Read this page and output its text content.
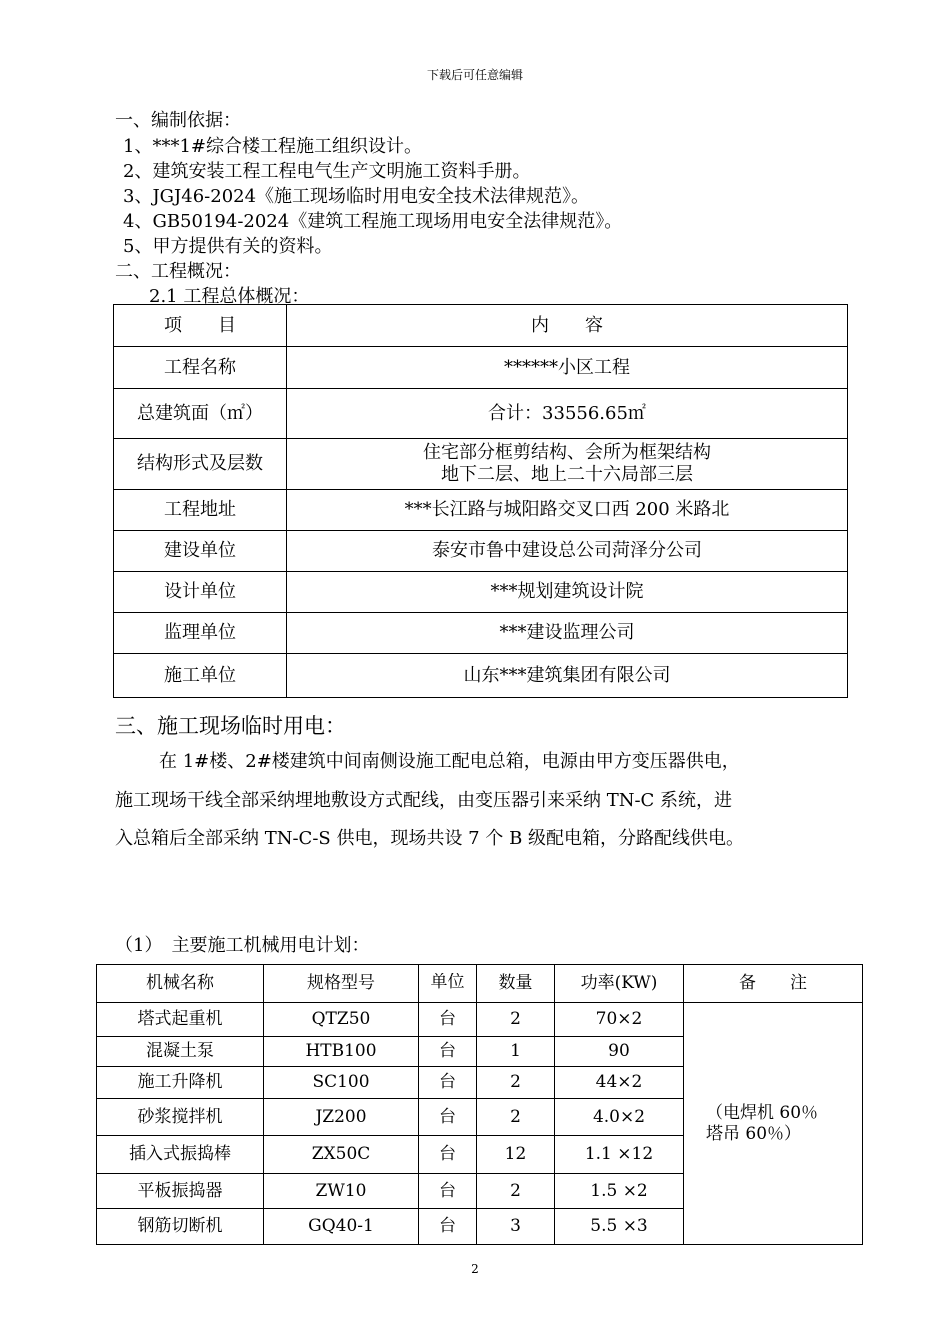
下载后可任意编辑
一、编制依据：
1、***1#综合楼工程施工组织设计。
2、建筑安装工程工程电气生产文明施工资料手册。
3、JGJ46-2024《施工现场临时用电安全技术法律规范》。
4、GB50194-2024《建筑工程施工现场用电安全法律规范》。
5、甲方提供有关的资料。
二、工程概况：
2.1 工程总体概况：
项　　目	内　　容
工程名称	******小区工程
总建筑面（㎡）	合计：33556.65㎡
结构形式及层数	住宅部分框剪结构、会所为框架结构
地下二层、地上二十六局部三层

工程地址	***长江路与城阳路交叉口西 200 米路北
建设单位	泰安市鲁中建设总公司菏泽分公司
设计单位	***规划建筑设计院
监理单位	***建设监理公司
施工单位	山东***建筑集团有限公司
三、施工现场临时用电：
在 1#楼、2#楼建筑中间南侧设施工配电总箱，电源由甲方变压器供电，
施工现场干线全部采纳埋地敷设方式配线，由变压器引来采纳 TN-C 系统，进
入总箱后全部采纳 TN-C-S 供电，现场共设 7 个 B 级配电箱，分路配线供电。
（1）　主要施工机械用电计划：
机械名称	规格型号	单位	数量	功率(KW)	备　　注
塔式起重机	QTZ50	台	2	70×2	（电焊机 60％
塔吊 60％）

混凝土泵	HTB100	台	1	90	
施工升降机	SC100	台	2	44×2	
砂浆搅拌机	JZ200	台	2	4.0×2	
插入式振捣棒	ZX50C	台	12	1.1 ×12	
平板振捣器	ZW10	台	2	1.5 ×2	
钢筋切断机	GQ40-1	台	3	5.5 ×3	
2
